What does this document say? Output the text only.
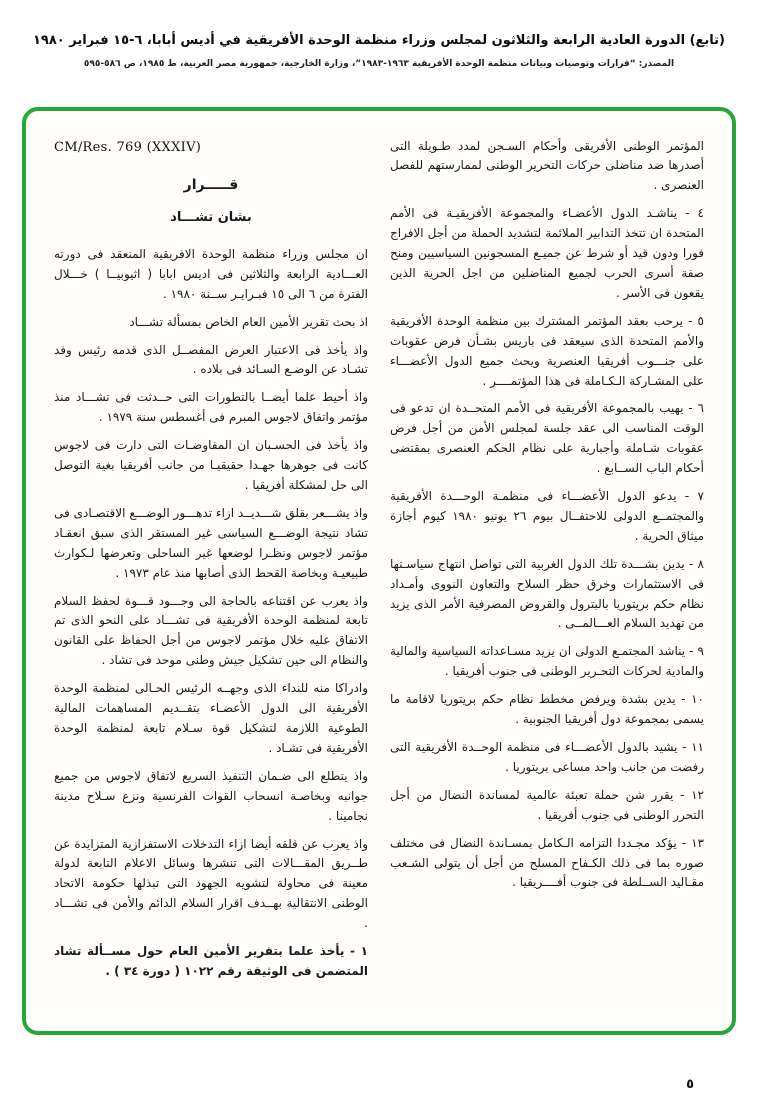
(تابع) الدورة العادية الرابعة والثلاثون لمجلس وزراء منظمة الوحدة الأفريقية في أديس أبابا، ٦-١٥ فبراير ١٩٨٠
المصدر: “قرارات وتوصيات وبيانات منظمة الوحدة الأفريقية ١٩٦٣-١٩٨٣”، وزارة الخارجية، جمهورية مصر العربية، ط ١٩٨٥، ص ٥٨٦-٥٩٥

المؤتمر الوطنى الأفريقى وأحكام السـجن لمدد طـويلة التى أصدرها ضد مناضلى حركات التحرير الوطنى لممارستهم للفصل العنصرى .

٤ - يناشـد الدول الأعضـاء والمجموعة الأفريقيـة فى الأمم المتحدة ان تتخذ التدابير الملائمة لتشديد الحملة من أجل الافراج فورا ودون قيد أو شرط عن جميـع المسجونين السياسيين ومنح صفة أسرى الحرب لجميع المناضلين من اجل الحرية الذين يقعون فى الأسر .

٥ - يرحب بعقد المؤتمر المشترك بين منظمة الوحدة الأفريقية والأمم المتحدة الذى سيعقد فى باريس بشـأن فرض عقوبات على جنـــوب أفريقيا العنصرية ويحث جميع الدول الأعضـــاء على المشـاركة الـكـاملة فى هذا المؤتمــــر .

٦ - يهيب بالمجموعة الأفريقية فى الأمم المتحــدة ان تدعو فى الوقت المناسب الى عقد جلسة لمجلس الأمن من أجل فرض عقوبات شـاملة وأجبارية على نظام الحكم العنصرى بمقتضى أحكام الباب الســابع .

٧ - يدعو الدول الأعضـــاء فى منظمـة الوحـــدة الأفريقية والمجتمــع الدولى للاحتفــال بيوم ٢٦ يونيو ١٩٨٠ كيوم أجازة ميثاق الحرية .

٨ - يدين بشـــدة تلك الدول الغربية التى تواصل انتهاج سياسـتها فى الاستثمارات وخرق حظر السلاح والتعاون النووى وأمـداد نظام حكم بريتوريا بالبترول والقروض المصرفية الأمر الذى يزيد من تهديد السلام العـــالمــى .

٩ - يناشد المجتمـع الدولى ان يزيد مسـاعداته السياسية والمالية والمادية لحركات التحـرير الوطنى فى جنوب أفريقيا .

١٠ - يدين بشدة ويرفض مخطط نظام حكم بريتوريا لاقامة ما يسمى بمجموعة دول أفريقيا الجنوبية .

١١ - يشيد بالدول الأعضـــاء فى منظمة الوحــدة الأفريقية التى رفضت من جانب واحد مساعى بريتوريا .

١٢ - يقرر شن حملة تعبئة عالمية لمساندة النضال من أجل التحرر الوطنى فى جنوب أفريقيا .

١٣ - يؤكد مجـددا التزامه الـكامل بمسـاندة النضال فى مختلف صوره بما فى ذلك الكـفاح المسلح من أجل أن يتولى الشـعب مقـاليد الســلطة فى جنوب أفــــريقيا .

CM/Res. 769 (XXXIV)
قـــــرار
بشان تشـــاد

ان مجلس وزراء منظمة الوحدة الافريقية المنعقد فى دورته العـــادية الرابعة والثلاثين فى اديس ابابا ( اثيوبيــا ) خـــلال الفترة من ٦ الى ١٥ فبـرايـر ســنة ١٩٨٠ .

اذ بحث تقرير الأمين العام الخاص بمسألة تشـــاد

واذ يأخذ فى الاعتبار العرض المفصــل الذى قدمه رئيس وفد تشـاد عن الوضـع السـائد فى بلاده .

واذ أحيط علما أيضــا بالتطورات التى حــدثت فى تشـــاد منذ مؤتمر واتفاق لاجوس المبرم فى أغسطس سنة ١٩٧٩ .

واذ يأخذ فى الحسـبان ان المفاوضـات التى دارت فى لاجوس كانت فى جوهرها جهـدا حقيقيـا من جانب أفريقيا بغية التوصل الى حل لمشكلة أفريقيا .

واذ يشـــعر بقلق شـــديــد ازاء تدهـــور الوضـــع الاقتصـادى فى تشاد نتيجة الوضـــع السياسى غير المستقر الذى سبق انعقـاد مؤتمر لاجوس ونظـرا لوضعها غير الساحلى وتعرضها لـكوارث طبيعيـة وبخاصة القحط الذى أصابها منذ عام ١٩٧٣ .

واذ يعرب عن اقتناعه بالحاجة الى وجـــود قـــوة لحفظ السلام تابعة لمنظمة الوحدة الأفريقية فى تشـــاد على النحو الذى تم الاتفاق عليه خلال مؤتمر لاجوس من أجل الحفاظ على القانون والنظام الى حين تشكيل جيش وطنى موحد فى تشاد .

وادراكا منه للنداء الذى وجهــه الرئيس الحـالى لمنظمة الوحدة الأفريقية الى الدول الأعضـاء بتقــديم المساهمات المالية الطوعية اللازمة لتشكيل قوة سـلام تابعة لمنظمة الوحدة الأفريقية فى تشـاد .

واذ يتطلع الى ضـمان التنفيذ السريع لاتفاق لاجوس من جميع جوانبه وبخاصـة انسحاب القوات الفرنسية ونزع سـلاح مدينة نجامينا .

واذ يعرب عن قلقه أيضا ازاء التدخلات الاستفزازية المتزايدة عن طــريق المقـــالات التى تنشرها وسائل الاعلام التابعة لدولة معينة فى محاولة لتشويه الجهود التى تبذلها حكومة الاتحاد الوطنى الانتقالية بهــدف اقرار السلام الدائم والأمن فى تشـــاد .

١ - يأخذ علما بتقرير الأمين العام حول مســألة تشاد المتضمن فى الوثيقة رقم ١٠٢٢ ( دورة ٣٤ ) .

٥
